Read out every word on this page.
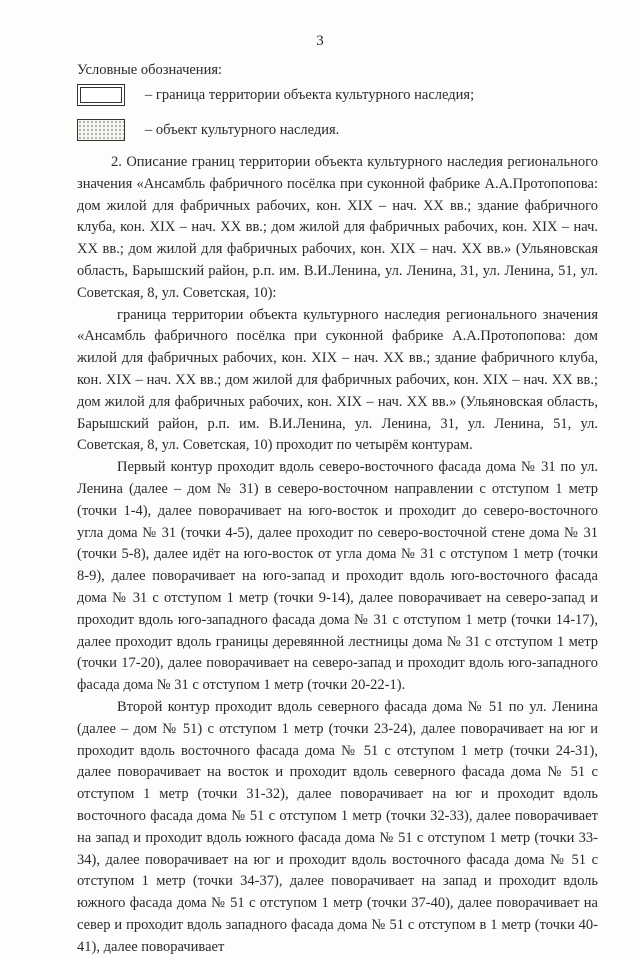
3
Условные обозначения:
– граница территории объекта культурного наследия;
– объект культурного наследия.

2. Описание границ территории объекта культурного наследия регионального значения «Ансамбль фабричного посёлка при суконной фабрике А.А.Протопопова: дом жилой для фабричных рабочих, кон. XIX – нач. XX вв.; здание фабричного клуба, кон. XIX – нач. XX вв.; дом жилой для фабричных рабочих, кон. XIX – нач. XX вв.; дом жилой для фабричных рабочих, кон. XIX – нач. XX вв.» (Ульяновская область, Барышский район, р.п. им. В.И.Ленина, ул. Ленина, 31, ул. Ленина, 51, ул. Советская, 8, ул. Советская, 10):

граница территории объекта культурного наследия регионального значения «Ансамбль фабричного посёлка при суконной фабрике А.А.Протопопова: дом жилой для фабричных рабочих, кон. XIX – нач. XX вв.; здание фабричного клуба, кон. XIX – нач. XX вв.; дом жилой для фабричных рабочих, кон. XIX – нач. XX вв.; дом жилой для фабричных рабочих, кон. XIX – нач. XX вв.» (Ульяновская область, Барышский район, р.п. им. В.И.Ленина, ул. Ленина, 31, ул. Ленина, 51, ул. Советская, 8, ул. Советская, 10) проходит по четырём контурам.

Первый контур проходит вдоль северо-восточного фасада дома № 31 по ул. Ленина (далее – дом № 31) в северо-восточном направлении с отступом 1 метр (точки 1-4), далее поворачивает на юго-восток и проходит до северо-восточного угла дома № 31 (точки 4-5), далее проходит по северо-восточной стене дома № 31 (точки 5-8), далее идёт на юго-восток от угла дома № 31 с отступом 1 метр (точки 8-9), далее поворачивает на юго-запад и проходит вдоль юго-восточного фасада дома № 31 с отступом 1 метр (точки 9-14), далее поворачивает на северо-запад и проходит вдоль юго-западного фасада дома № 31 с отступом 1 метр (точки 14-17), далее проходит вдоль границы деревянной лестницы дома № 31 с отступом 1 метр (точки 17-20), далее поворачивает на северо-запад и проходит вдоль юго-западного фасада дома № 31 с отступом 1 метр (точки 20-22-1).

Второй контур проходит вдоль северного фасада дома № 51 по ул. Ленина (далее – дом № 51) с отступом 1 метр (точки 23-24), далее поворачивает на юг и проходит вдоль восточного фасада дома № 51 с отступом 1 метр (точки 24-31), далее поворачивает на восток и проходит вдоль северного фасада дома № 51 с отступом 1 метр (точки 31-32), далее поворачивает на юг и проходит вдоль восточного фасада дома № 51 с отступом 1 метр (точки 32-33), далее поворачивает на запад и проходит вдоль южного фасада дома № 51 с отступом 1 метр (точки 33-34), далее поворачивает на юг и проходит вдоль восточного фасада дома № 51 с отступом 1 метр (точки 34-37), далее поворачивает на запад и проходит вдоль южного фасада дома № 51 с отступом 1 метр (точки 37-40), далее поворачивает на север и проходит вдоль западного фасада дома № 51 с отступом в 1 метр (точки 40-41), далее поворачивает
